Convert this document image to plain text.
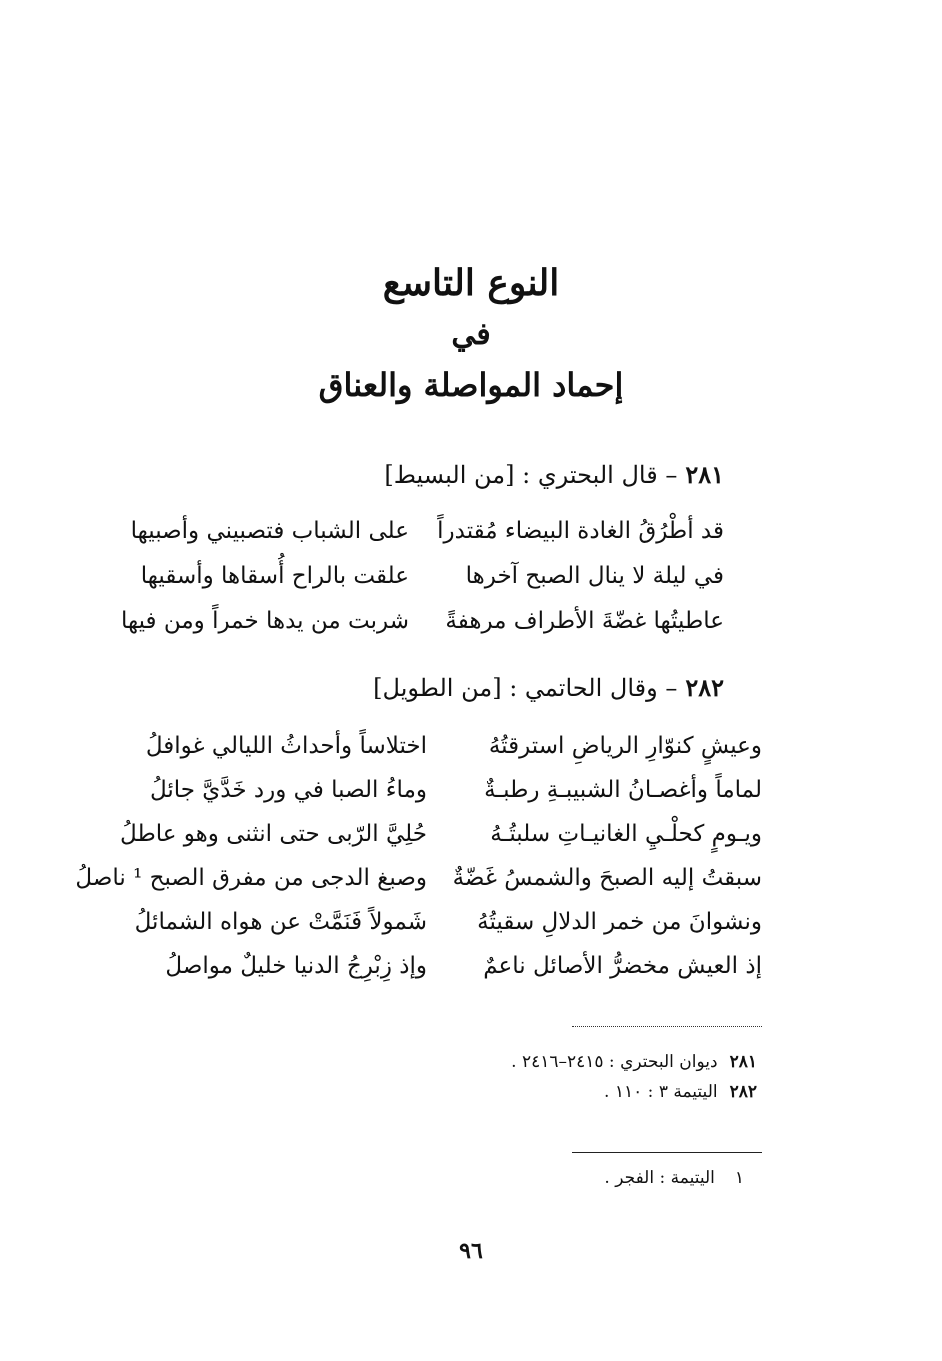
النوع التاسع
في
إحماد المواصلة والعناق
٢٨١– قال البحتري : [من البسيط]
قد أطْرُقُ الغادة البيضاء مُقتدراً
على الشباب فتصبيني وأصبيها
في ليلة لا ينال الصبح آخرها
علقت بالراح أُسقاها وأسقيها
عاطيتُها غضّةَ الأطراف مرهفةً
شربت من يدها خمراً ومن فيها
٢٨٢– وقال الحاتمي : [من الطويل]
وعيشٍ كنوّارِ الرياضِ استرقتُهُ
اختلاساً وأحداثُ الليالي غوافلُ
لماماً وأغصـانُ الشبيبـةِ رطبـةٌ
وماءُ الصبا في ورد خَدَّيَّ جائلُ
ويـومٍ كحلْـيِ الغانيـاتِ سلبتُـهُ
حُلِيَّ الرّبى حتى انثنى وهو عاطلُ
سبقتُ إليه الصبحَ والشمسُ غَضّةٌ
وصبغ الدجى من مفرق الصبح ¹ ناصلُ
ونشوانَ من خمر الدلالِ سقيتُهُ
شَمولاً فَنَمَّتْ عن هواه الشمائلُ
إذ العيش مخضرُّ الأصائل ناعمٌ
وإذ زِبْرِجُ الدنيا خليلٌ مواصلُ
٢٨١ديوان البحتري : ٢٤١٥–٢٤١٦ .
٢٨٢اليتيمة ٣ : ١١٠ .
١اليتيمة : الفجر .
٩٦
